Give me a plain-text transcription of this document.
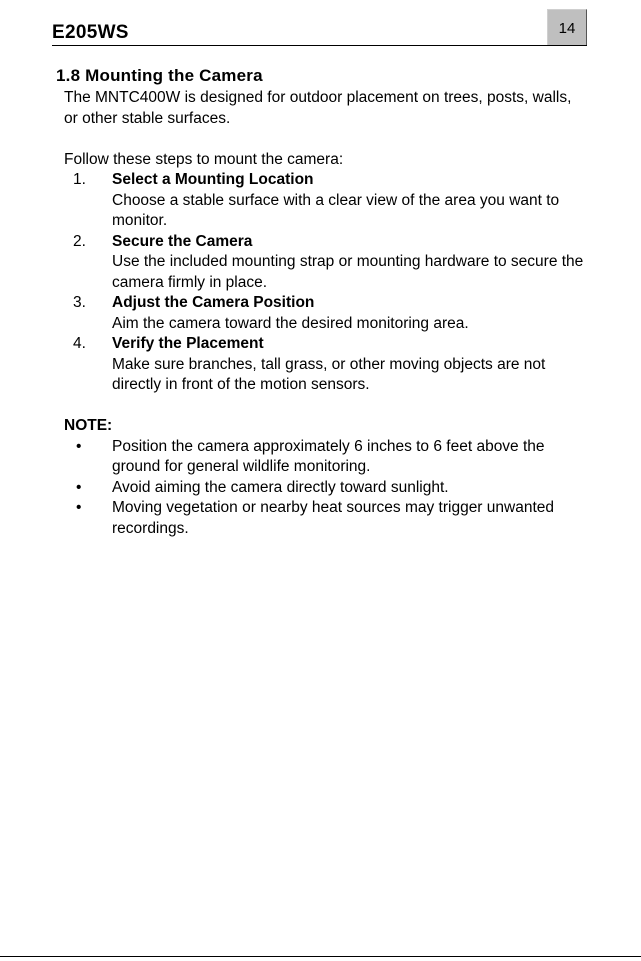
E205WS	14
1.8 Mounting the Camera

The MNTC400W is designed for outdoor placement on trees, posts, walls, or other stable surfaces.

Follow these steps to mount the camera:

1. Select a Mounting Location
Choose a stable surface with a clear view of the area you want to monitor.
2. Secure the Camera
Use the included mounting strap or mounting hardware to secure the camera firmly in place.
3. Adjust the Camera Position
Aim the camera toward the desired monitoring area.
4. Verify the Placement
Make sure branches, tall grass, or other moving objects are not directly in front of the motion sensors.

NOTE:

• Position the camera approximately 6 inches to 6 feet above the ground for general wildlife monitoring.
• Avoid aiming the camera directly toward sunlight.
• Moving vegetation or nearby heat sources may trigger unwanted recordings.
